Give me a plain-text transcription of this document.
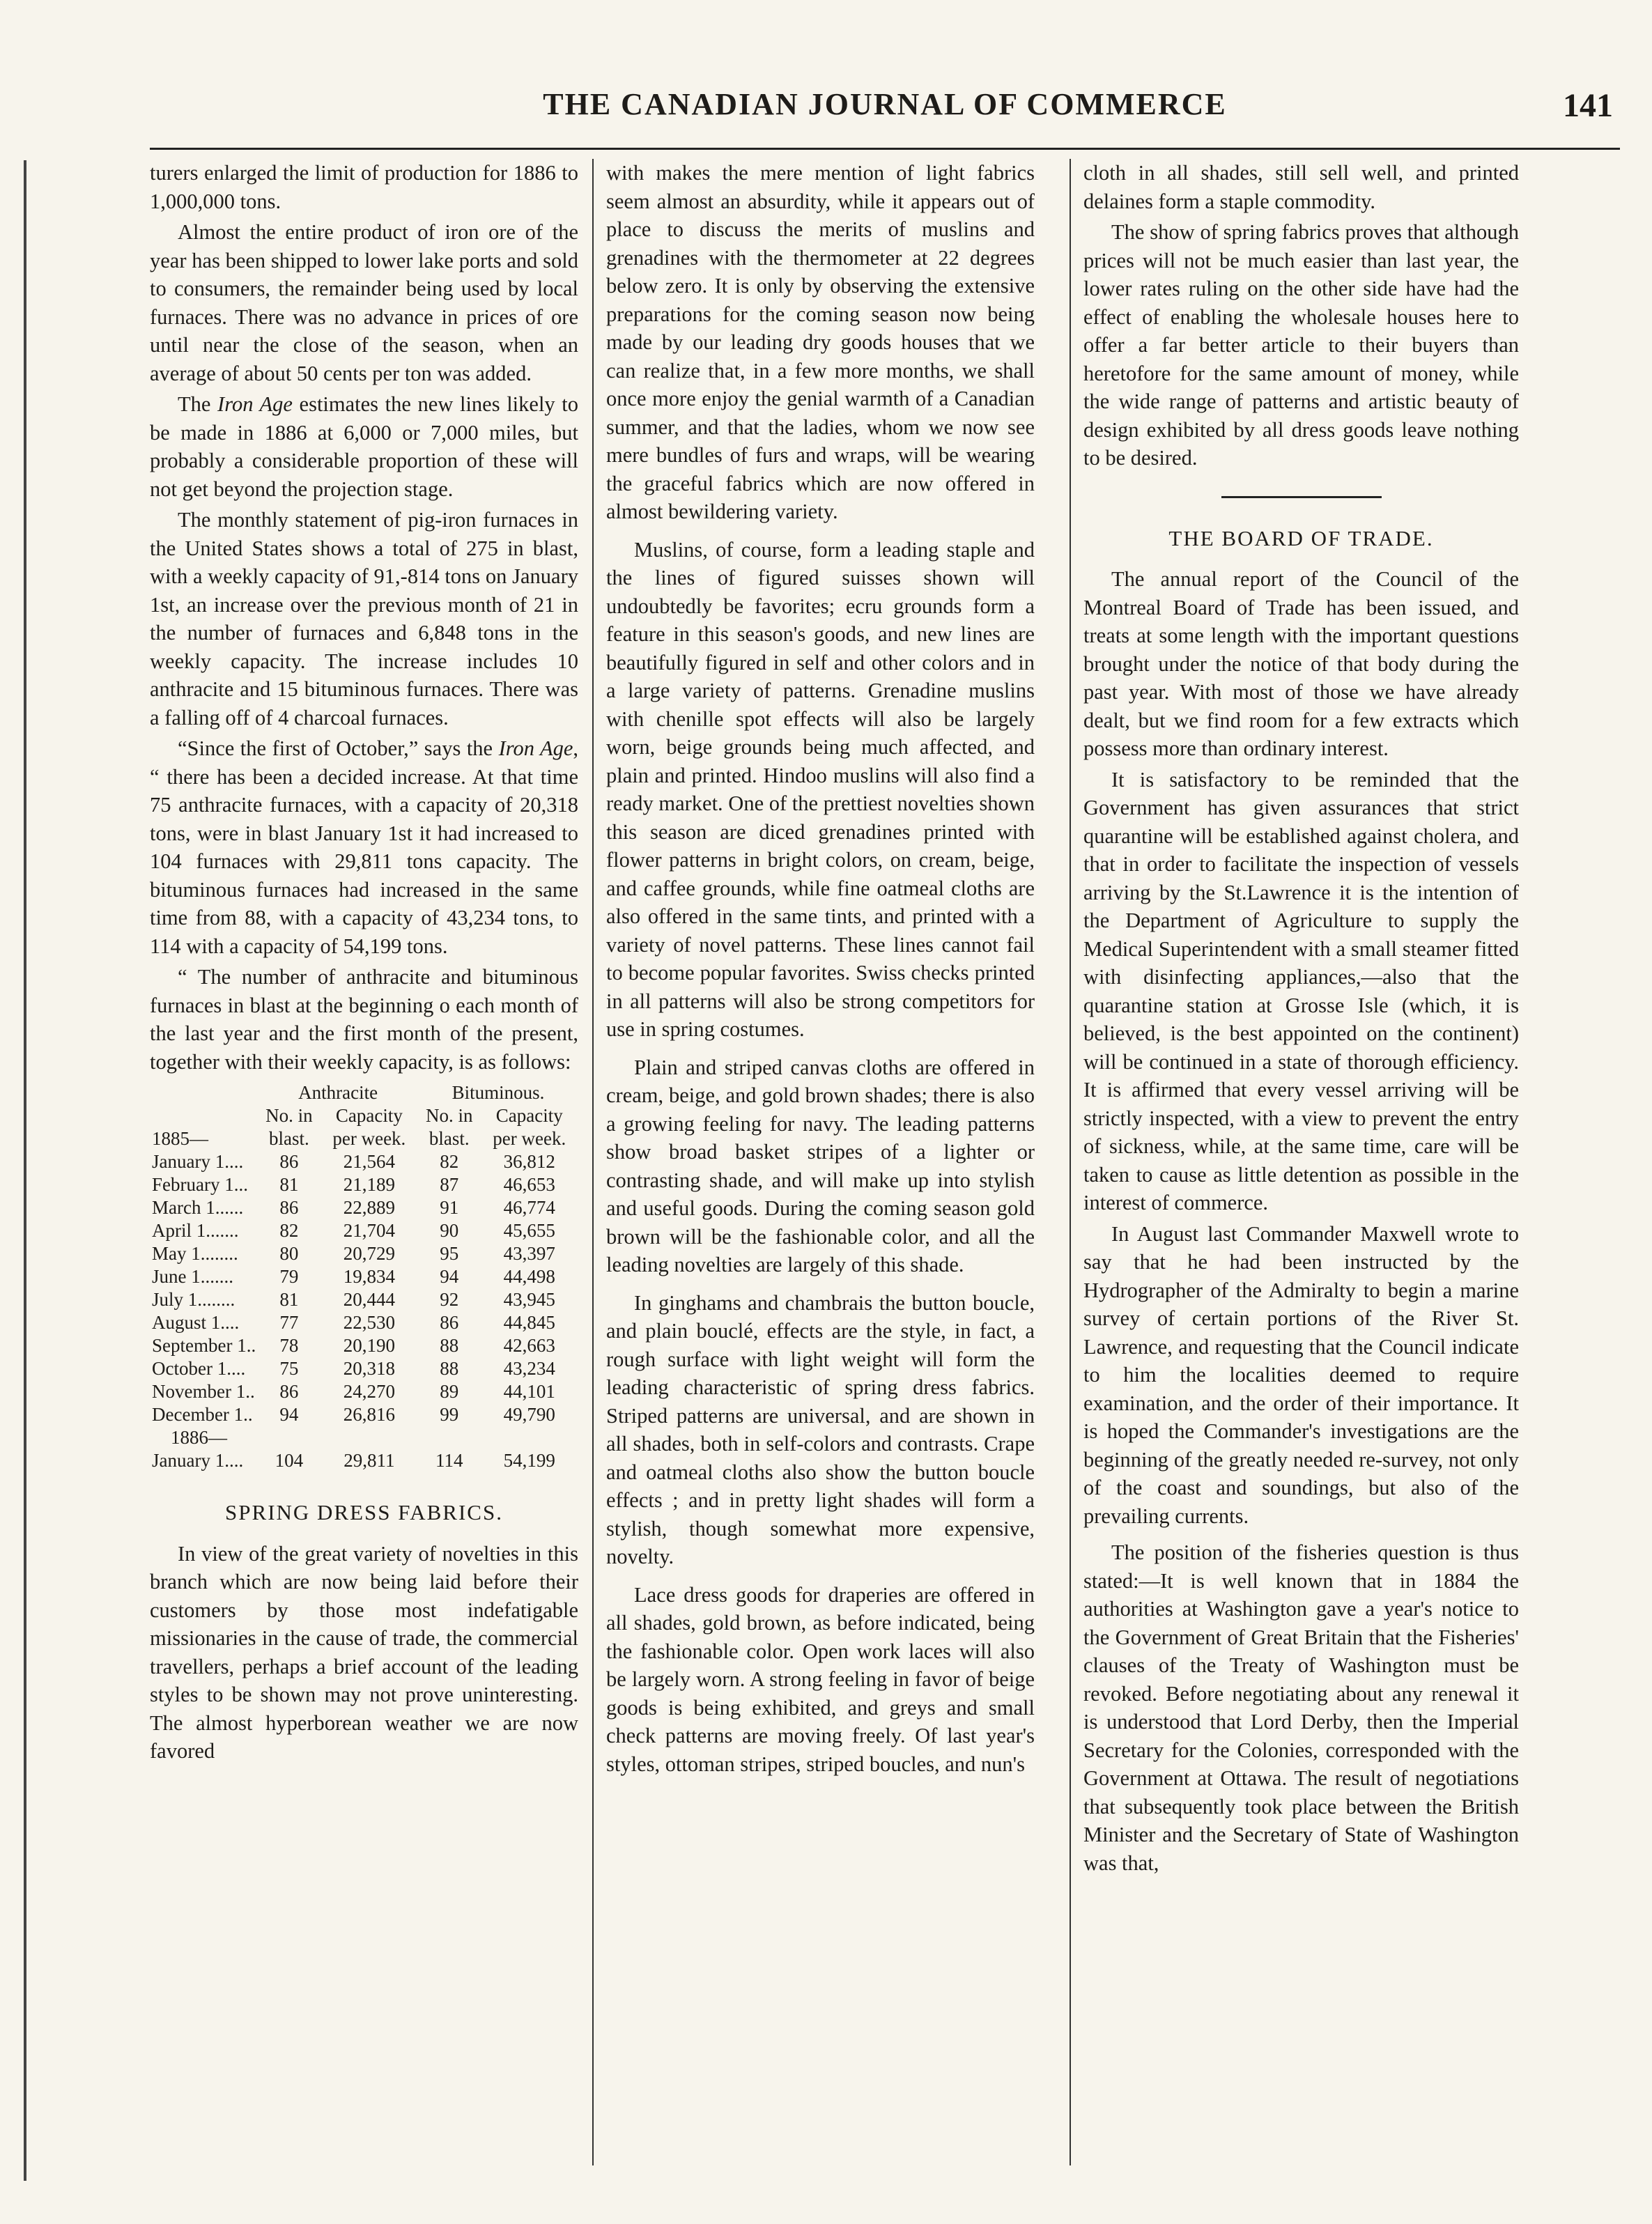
THE CANADIAN JOURNAL OF COMMERCE	141

turers enlarged the limit of production for 1886 to 1,000,000 tons.

Almost the entire product of iron ore of the year has been shipped to lower lake ports and sold to consumers, the remainder being used by local furnaces. There was no advance in prices of ore until near the close of the season, when an average of about 50 cents per ton was added.

The Iron Age estimates the new lines likely to be made in 1886 at 6,000 or 7,000 miles, but probably a considerable proportion of these will not get beyond the projection stage.

The monthly statement of pig-iron furnaces in the United States shows a total of 275 in blast, with a weekly capacity of 91,-814 tons on January 1st, an increase over the previous month of 21 in the number of furnaces and 6,848 tons in the weekly capacity. The increase includes 10 anthracite and 15 bituminous furnaces. There was a falling off of 4 charcoal furnaces.

“Since the first of October,” says the Iron Age, “ there has been a decided increase. At that time 75 anthracite furnaces, with a capacity of 20,318 tons, were in blast January 1st it had increased to 104 furnaces with 29,811 tons capacity. The bituminous furnaces had increased in the same time from 88, with a capacity of 43,234 tons, to 114 with a capacity of 54,199 tons.

“ The number of anthracite and bituminous furnaces in blast at the beginning o each month of the last year and the first month of the present, together with their weekly capacity, is as follows:

	Anthracite		Bituminous.	
1885—	No. in blast.	Capacity per week.	No. in blast.	Capacity per week.
January 1....	86	21,564	82	36,812
February 1...	81	21,189	87	46,653
March 1......	86	22,889	91	46,774
April 1.......	82	21,704	90	45,655
May 1........	80	20,729	95	43,397
June 1.......	79	19,834	94	44,498
July 1........	81	20,444	92	43,945
August 1....	77	22,530	86	44,845
September 1..	78	20,190	88	42,663
October 1....	75	20,318	88	43,234
November 1..	86	24,270	89	44,101
December 1..	94	26,816	99	49,790
1886—				
January 1....	104	29,811	114	54,199
SPRING DRESS FABRICS.

In view of the great variety of novelties in this branch which are now being laid before their customers by those most indefatigable missionaries in the cause of trade, the commercial travellers, perhaps a brief account of the leading styles to be shown may not prove uninteresting. The almost hyperborean weather we are now favored

with makes the mere mention of light fabrics seem almost an absurdity, while it appears out of place to discuss the merits of muslins and grenadines with the thermometer at 22 degrees below zero. It is only by observing the extensive preparations for the coming season now being made by our leading dry goods houses that we can realize that, in a few more months, we shall once more enjoy the genial warmth of a Canadian summer, and that the ladies, whom we now see mere bundles of furs and wraps, will be wearing the graceful fabrics which are now offered in almost bewildering variety.

Muslins, of course, form a leading staple and the lines of figured suisses shown will undoubtedly be favorites; ecru grounds form a feature in this season's goods, and new lines are beautifully figured in self and other colors and in a large variety of patterns. Grenadine muslins with chenille spot effects will also be largely worn, beige grounds being much affected, and plain and printed. Hindoo muslins will also find a ready market. One of the prettiest novelties shown this season are diced grenadines printed with flower patterns in bright colors, on cream, beige, and caffee grounds, while fine oatmeal cloths are also offered in the same tints, and printed with a variety of novel patterns. These lines cannot fail to become popular favorites. Swiss checks printed in all patterns will also be strong competitors for use in spring costumes.

Plain and striped canvas cloths are offered in cream, beige, and gold brown shades; there is also a growing feeling for navy. The leading patterns show broad basket stripes of a lighter or contrasting shade, and will make up into stylish and useful goods. During the coming season gold brown will be the fashionable color, and all the leading novelties are largely of this shade.

In ginghams and chambrais the button boucle, and plain bouclé, effects are the style, in fact, a rough surface with light weight will form the leading characteristic of spring dress fabrics. Striped patterns are universal, and are shown in all shades, both in self-colors and contrasts. Crape and oatmeal cloths also show the button boucle effects ; and in pretty light shades will form a stylish, though somewhat more expensive, novelty.

Lace dress goods for draperies are offered in all shades, gold brown, as before indicated, being the fashionable color. Open work laces will also be largely worn. A strong feeling in favor of beige goods is being exhibited, and greys and small check patterns are moving freely. Of last year's styles, ottoman stripes, striped boucles, and nun's

cloth in all shades, still sell well, and printed delaines form a staple commodity.

The show of spring fabrics proves that although prices will not be much easier than last year, the lower rates ruling on the other side have had the effect of enabling the wholesale houses here to offer a far better article to their buyers than heretofore for the same amount of money, while the wide range of patterns and artistic beauty of design exhibited by all dress goods leave nothing to be desired.

THE BOARD OF TRADE.

The annual report of the Council of the Montreal Board of Trade has been issued, and treats at some length with the important questions brought under the notice of that body during the past year. With most of those we have already dealt, but we find room for a few extracts which possess more than ordinary interest.

It is satisfactory to be reminded that the Government has given assurances that strict quarantine will be established against cholera, and that in order to facilitate the inspection of vessels arriving by the St.Lawrence it is the intention of the Department of Agriculture to supply the Medical Superintendent with a small steamer fitted with disinfecting appliances,—also that the quarantine station at Grosse Isle (which, it is believed, is the best appointed on the continent) will be continued in a state of thorough efficiency. It is affirmed that every vessel arriving will be strictly inspected, with a view to prevent the entry of sickness, while, at the same time, care will be taken to cause as little detention as possible in the interest of commerce.

In August last Commander Maxwell wrote to say that he had been instructed by the Hydrographer of the Admiralty to begin a marine survey of certain portions of the River St. Lawrence, and requesting that the Council indicate to him the localities deemed to require examination, and the order of their importance. It is hoped the Commander's investigations are the beginning of the greatly needed re-survey, not only of the coast and soundings, but also of the prevailing currents.

The position of the fisheries question is thus stated:—It is well known that in 1884 the authorities at Washington gave a year's notice to the Government of Great Britain that the Fisheries' clauses of the Treaty of Washington must be revoked. Before negotiating about any renewal it is understood that Lord Derby, then the Imperial Secretary for the Colonies, corresponded with the Government at Ottawa. The result of negotiations that subsequently took place between the British Minister and the Secretary of State of Washington was that,
